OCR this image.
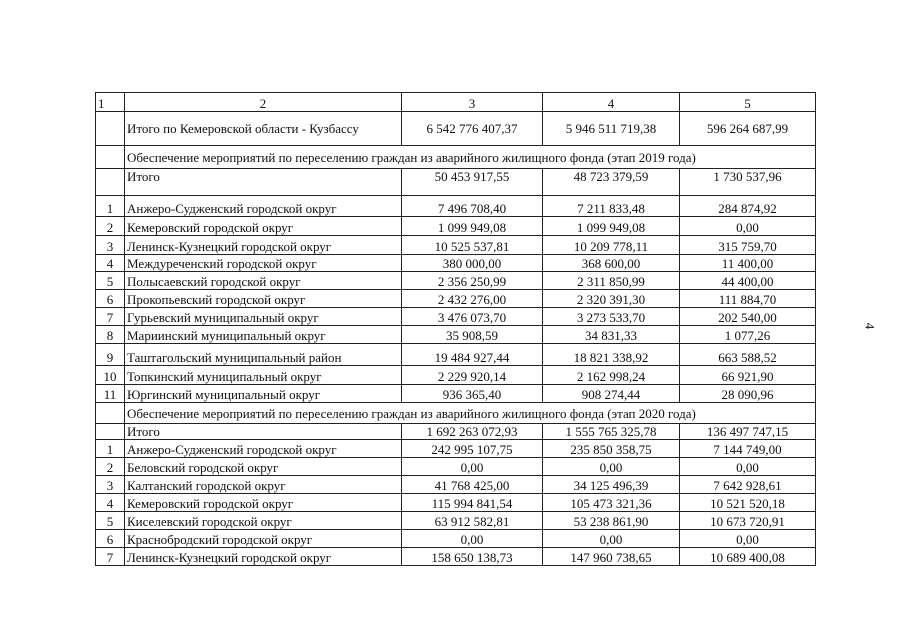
1	2	3	4	5
	Итого по Кемеровской области - Кузбассу	6 542 776 407,37	5 946 511 719,38	596 264 687,99
	Обеспечение мероприятий по переселению граждан из аварийного жилищного фонда (этап 2019 года)			
	Итого	50 453 917,55	48 723 379,59	1 730 537,96
1	Анжеро-Судженский городской округ	7 496 708,40	7 211 833,48	284 874,92
2	Кемеровский городской округ	1 099 949,08	1 099 949,08	0,00
3	Ленинск-Кузнецкий городской округ	10 525 537,81	10 209 778,11	315 759,70
4	Междуреченский городской округ	380 000,00	368 600,00	11 400,00
5	Полысаевский городской округ	2 356 250,99	2 311 850,99	44 400,00
6	Прокопьевский городской округ	2 432 276,00	2 320 391,30	111 884,70
7	Гурьевский муниципальный округ	3 476 073,70	3 273 533,70	202 540,00
8	Мариинский муниципальный округ	35 908,59	34 831,33	1 077,26
9	Таштагольский муниципальный район	19 484 927,44	18 821 338,92	663 588,52
10	Топкинский муниципальный округ	2 229 920,14	2 162 998,24	66 921,90
11	Юргинский муниципальный округ	936 365,40	908 274,44	28 090,96
	Обеспечение мероприятий по переселению граждан из аварийного жилищного фонда (этап 2020 года)			
	Итого	1 692 263 072,93	1 555 765 325,78	136 497 747,15
1	Анжеро-Судженский городской округ	242 995 107,75	235 850 358,75	7 144 749,00
2	Беловский городской округ	0,00	0,00	0,00
3	Калтанский городской округ	41 768 425,00	34 125 496,39	7 642 928,61
4	Кемеровский городской округ	115 994 841,54	105 473 321,36	10 521 520,18
5	Киселевский городской округ	63 912 582,81	53 238 861,90	10 673 720,91
6	Краснобродский городской округ	0,00	0,00	0,00
7	Ленинск-Кузнецкий городской округ	158 650 138,73	147 960 738,65	10 689 400,08
4
